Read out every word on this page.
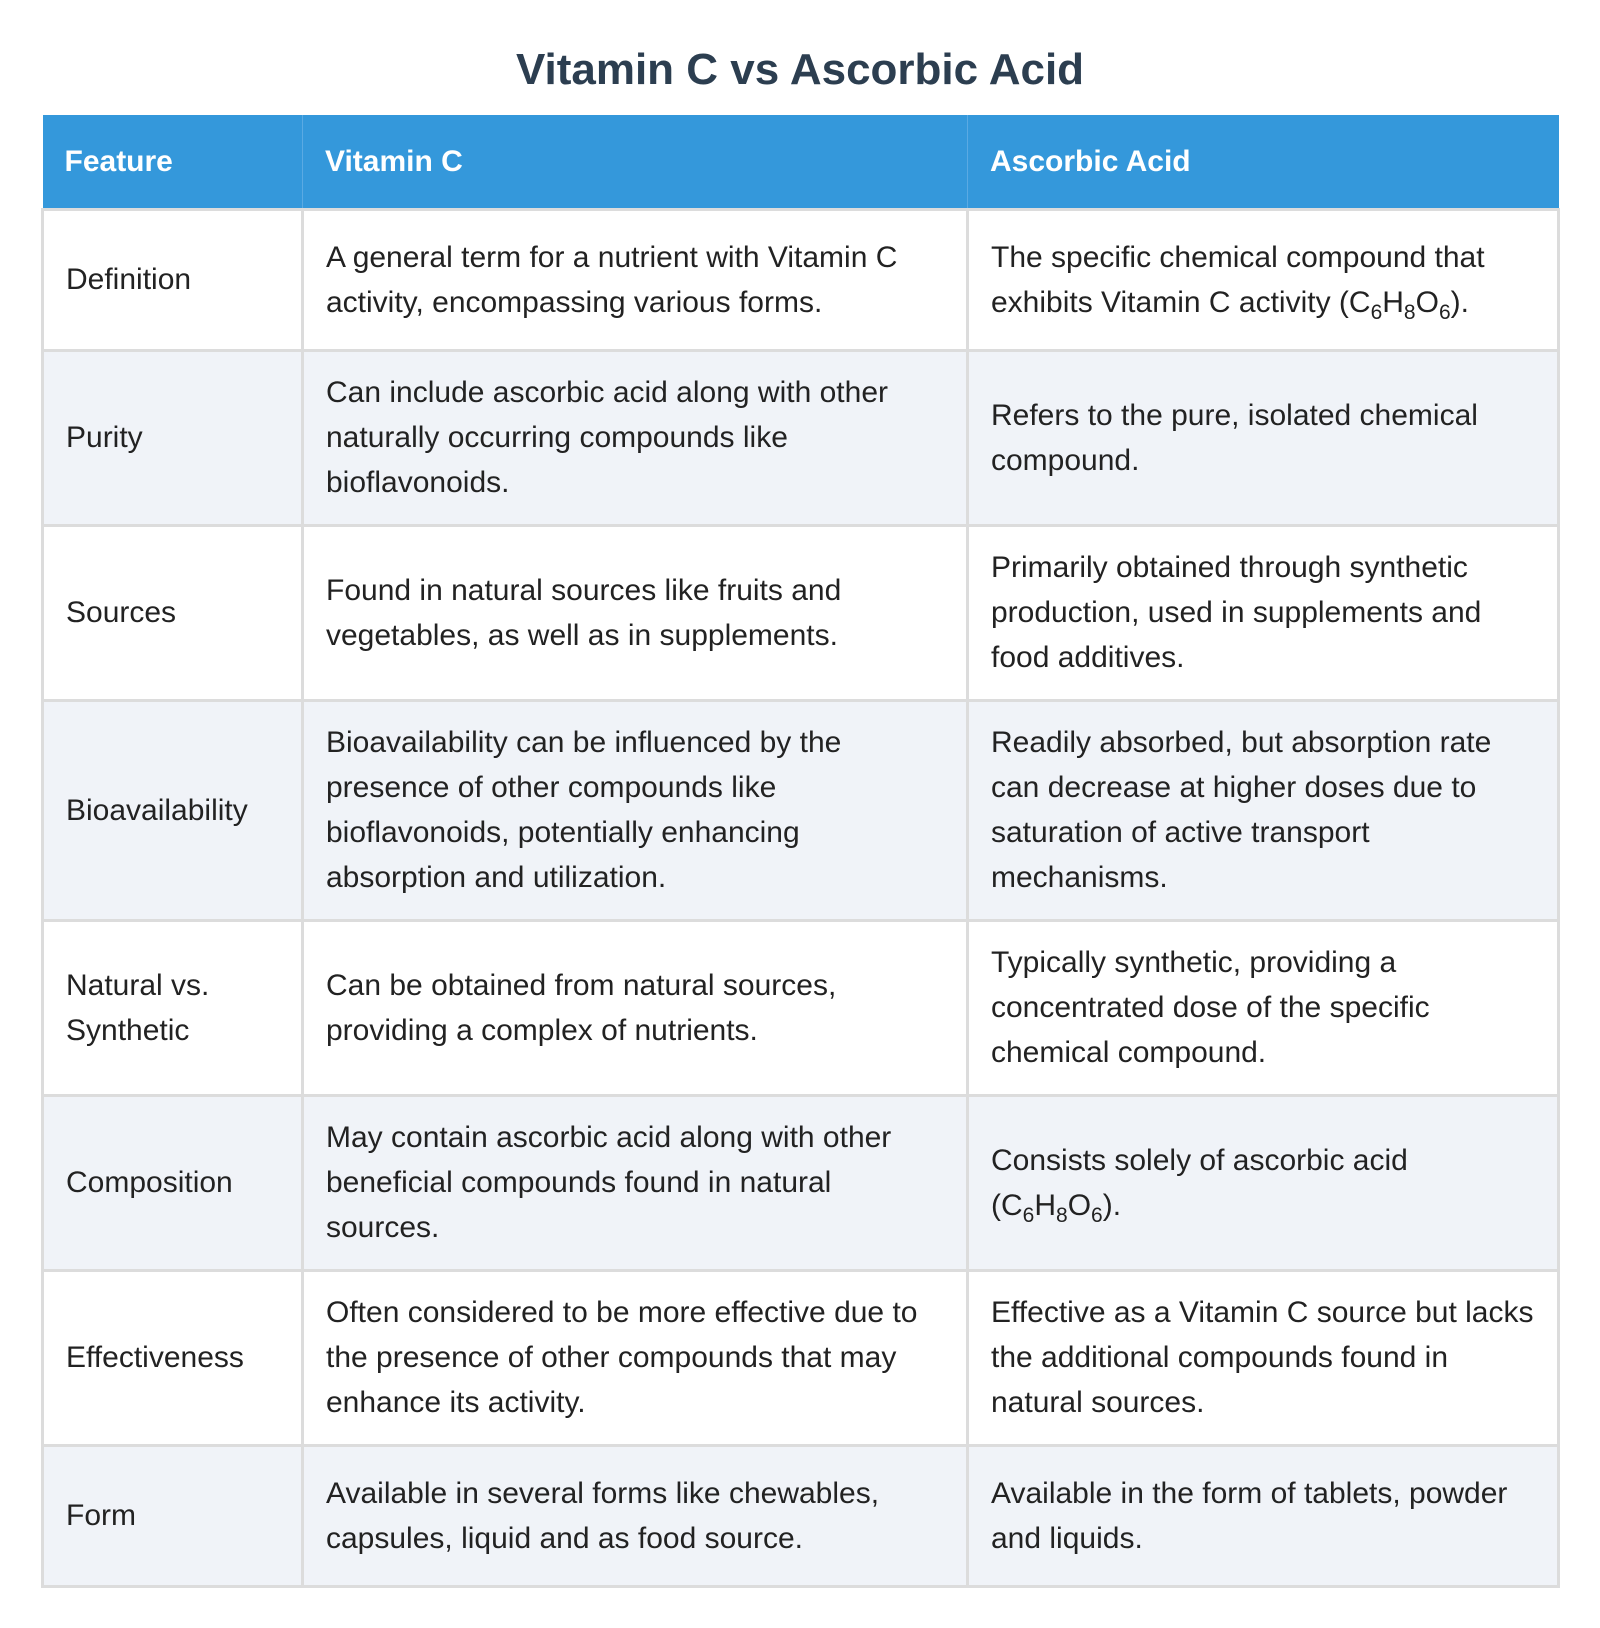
Vitamin C vs Ascorbic Acid
Feature	Vitamin C	Ascorbic Acid
Definition	A general term for a nutrient with Vitamin C activity, encompassing various forms.	The specific chemical compound that exhibits Vitamin C activity $(C_6H_8O_6)$.
Purity	Can include ascorbic acid along with other naturally occurring compounds like bioflavonoids.	Refers to the pure, isolated chemical compound.
Sources	Found in natural sources like fruits and vegetables, as well as in supplements.	Primarily obtained through synthetic production, used in supplements and food additives.
Bioavailability	Bioavailability can be influenced by the presence of other compounds like bioflavonoids, potentially enhancing absorption and utilization.	Readily absorbed, but absorption rate can decrease at higher doses due to saturation of active transport mechanisms.
Natural vs. Synthetic	Can be obtained from natural sources, providing a complex of nutrients.	Typically synthetic, providing a concentrated dose of the specific chemical compound.
Composition	May contain ascorbic acid along with other beneficial compounds found in natural sources.	Consists solely of ascorbic acid $(C_6H_8O_6)$.
Effectiveness	Often considered to be more effective due to the presence of other compounds that may enhance its activity.	Effective as a Vitamin C source but lacks the additional compounds found in natural sources.
Form	Available in several forms like chewables, capsules, liquid and as food source.	Available in the form of tablets, powder and liquids.
